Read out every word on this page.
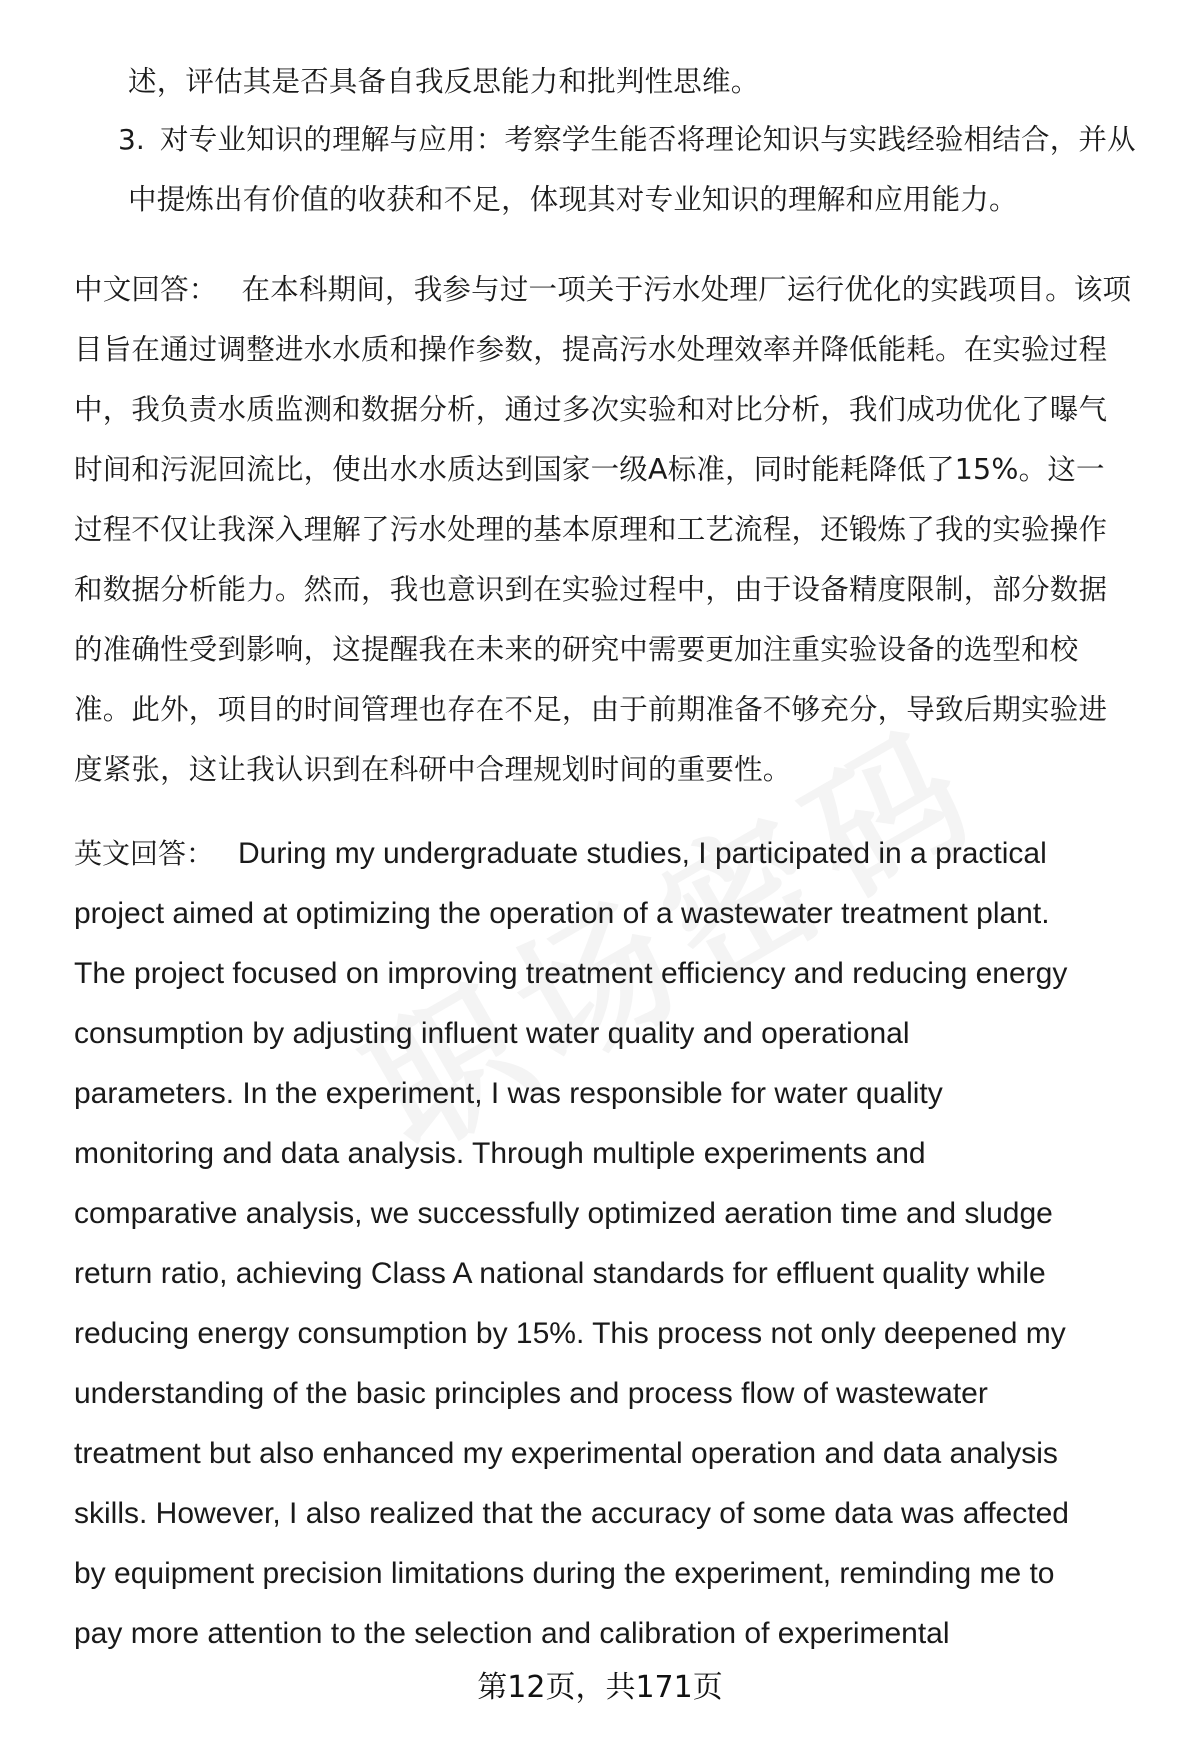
述，评估其是否具备自我反思能力和批判性思维。
3. 对专业知识的理解与应用：考察学生能否将理论知识与实践经验相结合，并从
中提炼出有价值的收获和不足，体现其对专业知识的理解和应用能力。
中文回答： 在本科期间，我参与过一项关于污水处理厂运行优化的实践项目。该项
目旨在通过调整进水水质和操作参数，提高污水处理效率并降低能耗。在实验过程
中，我负责水质监测和数据分析，通过多次实验和对比分析，我们成功优化了曝气
时间和污泥回流比，使出水水质达到国家一级A标准，同时能耗降低了15%。这一
过程不仅让我深入理解了污水处理的基本原理和工艺流程，还锻炼了我的实验操作
和数据分析能力。然而，我也意识到在实验过程中，由于设备精度限制，部分数据
的准确性受到影响，这提醒我在未来的研究中需要更加注重实验设备的选型和校
准。此外，项目的时间管理也存在不足，由于前期准备不够充分，导致后期实验进
度紧张，这让我认识到在科研中合理规划时间的重要性。
英文回答： During my undergraduate studies, I participated in a practical
project aimed at optimizing the operation of a wastewater treatment plant.
The project focused on improving treatment efficiency and reducing energy
consumption by adjusting influent water quality and operational
parameters. In the experiment, I was responsible for water quality
monitoring and data analysis. Through multiple experiments and
comparative analysis, we successfully optimized aeration time and sludge
return ratio, achieving Class A national standards for effluent quality while
reducing energy consumption by 15%. This process not only deepened my
understanding of the basic principles and process flow of wastewater
treatment but also enhanced my experimental operation and data analysis
skills. However, I also realized that the accuracy of some data was affected
by equipment precision limitations during the experiment, reminding me to
pay more attention to the selection and calibration of experimental
第12页，共171页
